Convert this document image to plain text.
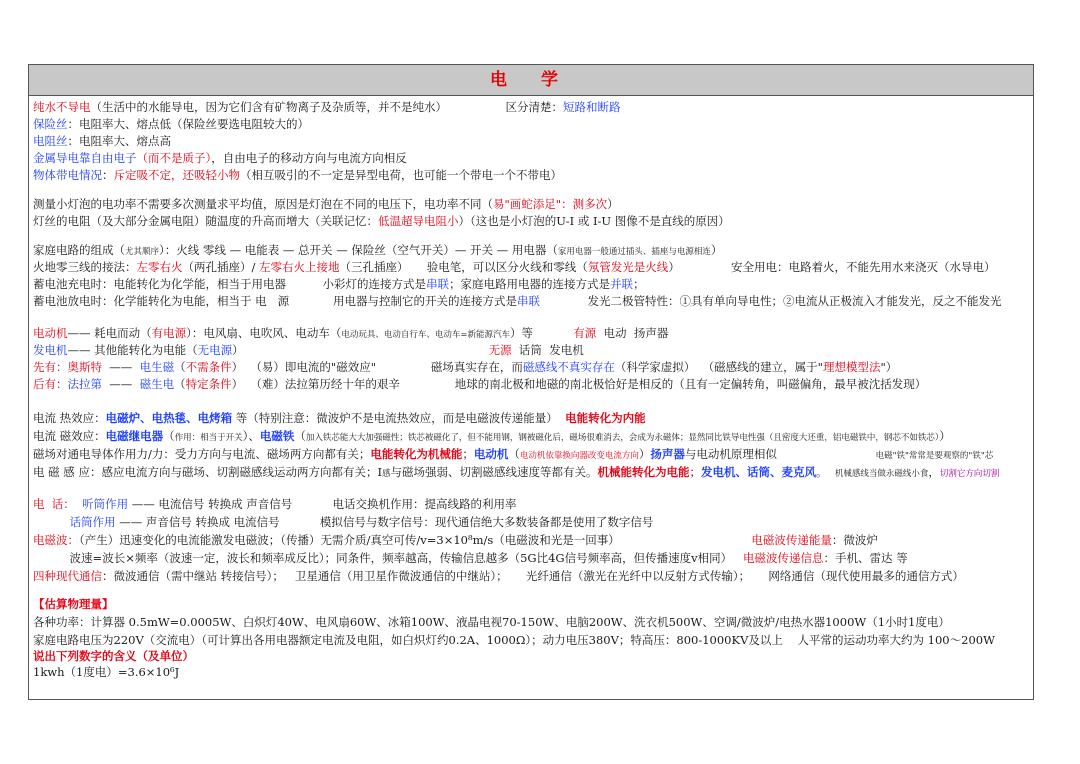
电 学
纯水不导电（生活中的水能导电，因为它们含有矿物离子及杂质等，并不是纯水）                区分清楚：短路和断路
保险丝：电阻率大、熔点低（保险丝要选电阻较大的）
电阻丝：电阻率大、熔点高
金属导电靠自由电子（而不是质子），自由电子的移动方向与电流方向相反
物体带电情况：斥定吸不定，还吸轻小物（相互吸引的不一定是异型电荷，也可能一个带电一个不带电）
测量小灯泡的电功率不需要多次测量求平均值，原因是灯泡在不同的电压下，电功率不同（易"画蛇添足"：测多次）
灯丝的电阻（及大部分金属电阻）随温度的升高而增大（关联记忆：低温超导电阻小）（这也是小灯泡的U-I 或 I-U 图像不是直线的原因）
家庭电路的组成（尤其顺序）：火线 零线 — 电能表 — 总开关 — 保险丝（空气开关）— 开关 — 用电器（家用电器一般通过插头、插座与电源相连）
火地零三线的接法：左零右火（两孔插座）/ 左零右火上接地（三孔插座）     验电笔，可以区分火线和零线（氖管发光是火线）              安全用电：电路着火，不能先用水来浇灭（水导电）
蓄电池充电时：电能转化为化学能，相当于用电器          小彩灯的连接方式是串联；家庭电路用电器的连接方式是并联；
蓄电池放电时：化学能转化为电能，相当于 电   源            用电器与控制它的开关的连接方式是串联             发光二极管特性：①具有单向导电性；②电流从正极流入才能发光，反之不能发光
电动机—— 耗电而动（有电源）：电风扇、电吹风、电动车（电动玩具、电动自行车、电动车=新能源汽车）等           有源  电动  扬声器
发电机—— 其他能转化为电能（无电源）                                                                   无源  话筒  发电机
先有：奥斯特  ——  电生磁（不需条件）  （易）即电流的"磁效应"               磁场真实存在，而磁感线不真实存在（科学家虚拟）  （磁感线的建立，属于"理想模型法"）
后有：法拉第  ——  磁生电（特定条件）  （难）法拉第历经十年的艰辛               地球的南北极和地磁的南北极恰好是相反的（且有一定偏转角，叫磁偏角，最早被沈括发现）
电流 热效应：电磁炉、电热毯、电烤箱 等（特别注意：微波炉不是电流热效应，而是电磁波传递能量）  电能转化为内能
电流 磁效应：电磁继电器（作用：相当于开关）、电磁铁（加入铁芯能大大加强磁性；铁芯被磁化了，但不能用钢，钢被磁化后，磁场很难消去，会成为永磁体；显然同比铁导电性强（且密度大还重，铝电磁铁中，钢芯不如铁芯））
磁场对通电导体作用力/力：受力方向与电流、磁场两方向都有关；电能转化为机械能；电动机（电动机依靠换向器改变电流方向）扬声器与电动机原理相似                           电磁"铁"常常是要观察的"铁"芯
电 磁 感 应：感应电流方向与磁场、切割磁感线运动两方向都有关；I感与磁场强弱、切割磁感线速度等都有关。机械能转化为电能；发电机、话筒、麦克风。  机械感线当做永磁线小食，切割它方向切割
电  话：  听筒作用 —— 电流信号 转换成 声音信号           电话交换机作用：提高线路的利用率
话筒作用 —— 声音信号 转换成 电流信号           模拟信号与数字信号：现代通信绝大多数装备都是使用了数字信号
电磁波：（产生）迅速变化的电流能激发电磁波；（传播）无需介质/真空可传/v=3×10⁸m/s（电磁波和光是一回事）                                    电磁波传递能量：微波炉
波速=波长×频率（波速一定，波长和频率成反比）；同条件，频率越高，传输信息越多（5G比4G信号频率高，但传播速度v相同）   电磁波传递信息：手机、雷达 等
四种现代通信：微波通信（需中继站 转接信号）；   卫星通信（用卫星作微波通信的中继站）；     光纤通信（激光在光纤中以反射方式传输）；     网络通信（现代使用最多的通信方式）
【估算物理量】
各种功率：计算器 0.5mW=0.0005W、白炽灯40W、电风扇60W、冰箱100W、液晶电视70-150W、电脑200W、洗衣机500W、空调/微波炉/电热水器1000W（1小时1度电）
家庭电路电压为220V（交流电）（可计算出各用电器额定电流及电阻，如白炽灯约0.2A、1000Ω）；动力电压380V；特高压：800-1000KV及以上    人平常的运动功率大约为 100～200W
说出下列数字的含义（及单位）
1kwh（1度电）=3.6×10⁶J
